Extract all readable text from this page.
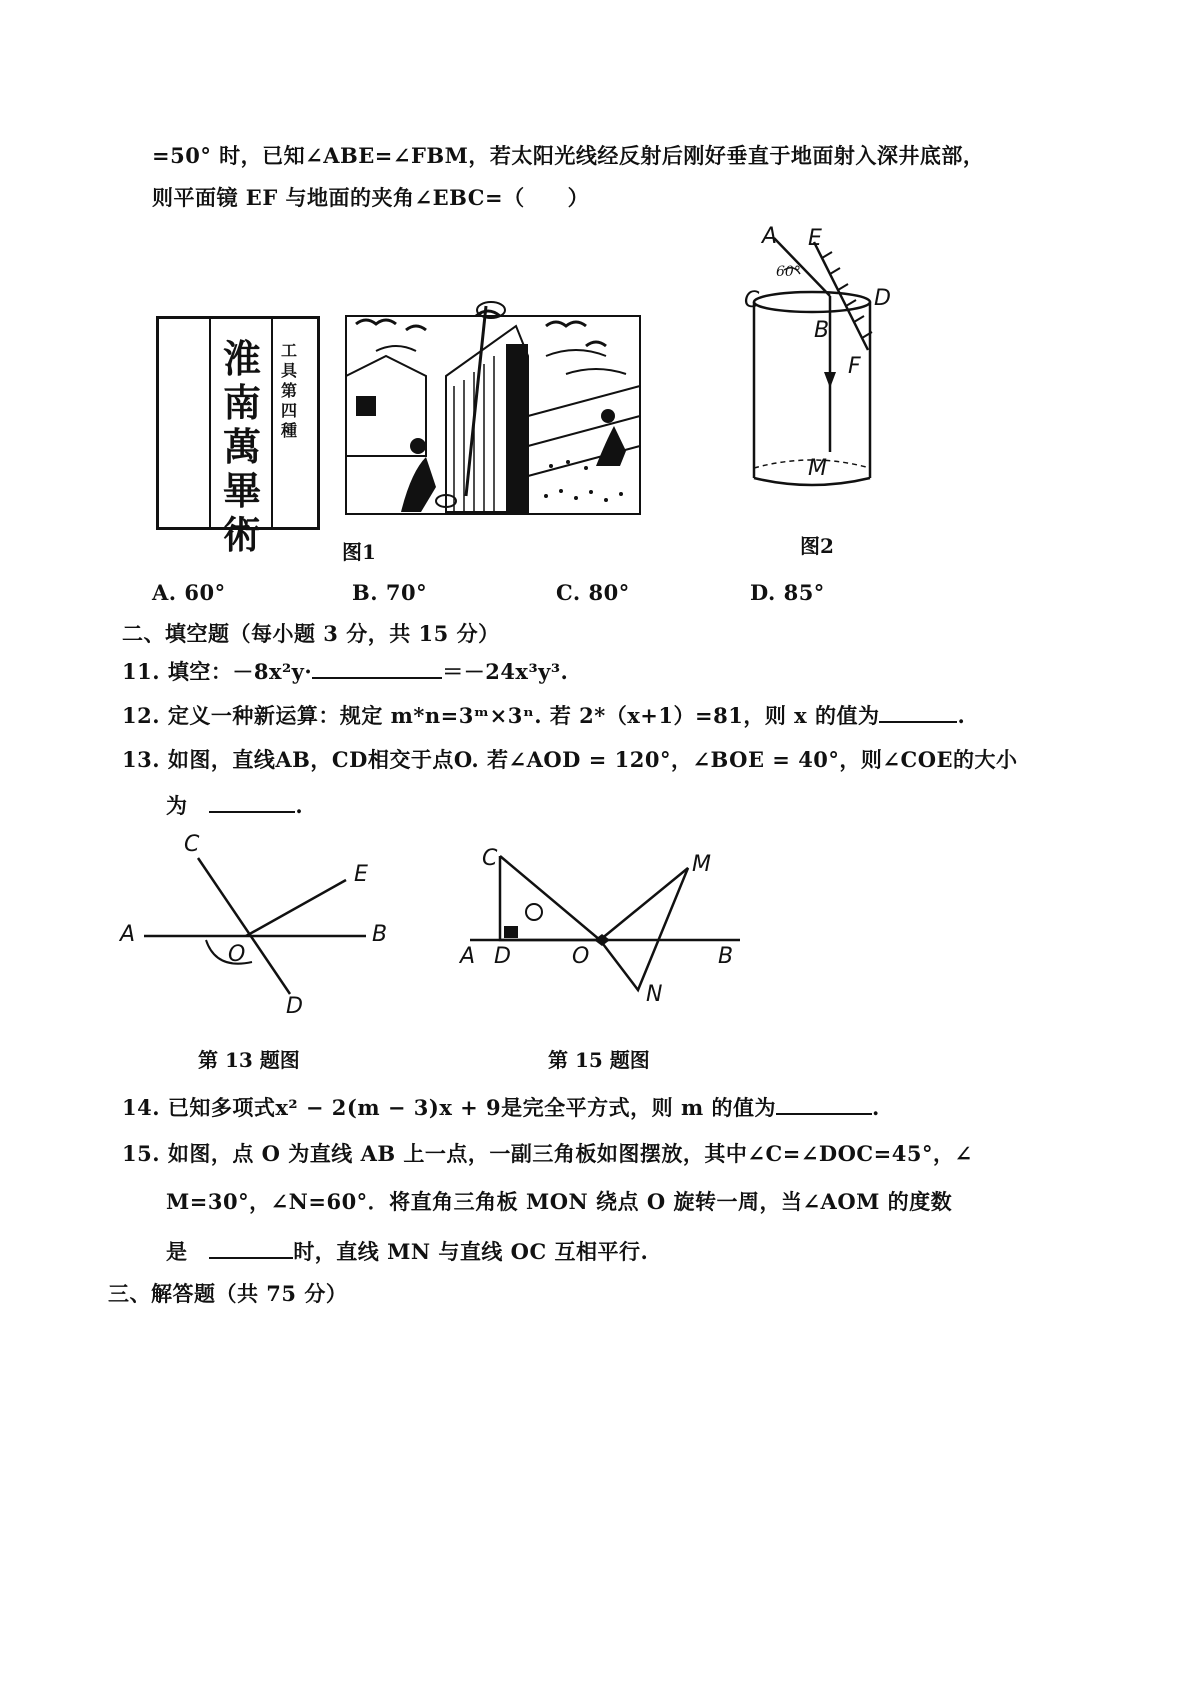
=50° 时，已知∠ABE=∠FBM，若太阳光线经反射后刚好垂直于地面射入深井底部，
则平面镜 EF 与地面的夹角∠EBC=（　　）
淮南萬畢術
工具第四種
图1
A E
C	D
B
F
M
60°
图2
A. 60°	B. 70°	C. 80°	D. 85°
二、填空题（每小题 3 分，共 15 分）
11. 填空：－8x²y·	＝－24x³y³.
12. 定义一种新运算：规定 m*n=3ᵐ×3ⁿ. 若 2*（x+1）=81，则 x 的值为	.
13. 如图，直线AB，CD相交于点O. 若∠AOD = 120°，∠BOE = 40°，则∠COE的大小
为	.
C
E
A	B
O
D
第 13 题图
C	M
A D	O	B
N
第 15 题图
14. 已知多项式x² − 2(m − 3)x + 9是完全平方式，则 m 的值为	.
15. 如图，点 O 为直线 AB 上一点，一副三角板如图摆放，其中∠C=∠DOC=45°，∠
M=30°，∠N=60°．将直角三角板 MON 绕点 O 旋转一周，当∠AOM 的度数
是	时，直线 MN 与直线 OC 互相平行.
三、解答题（共 75 分）
